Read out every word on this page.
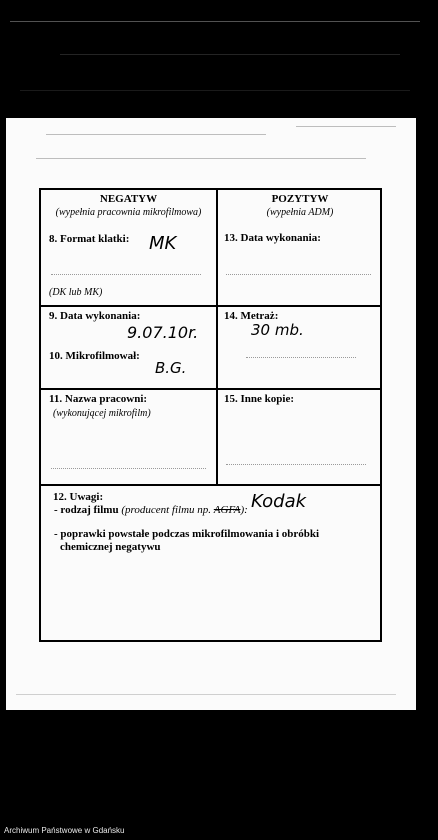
NEGATYW
(wypełnia pracownia mikrofilmowa)
POZYTYW
(wypełnia ADM)
8. Format klatki: MK
(DK lub MK)
13. Data wykonania:
9. Data wykonania:
9.07.10r.
10. Mikrofilmował:
B.G.
14. Metraż:
30 mb.
11. Nazwa pracowni:
(wykonującej mikrofilm)
15. Inne kopie:
12. Uwagi:
- rodzaj filmu (producent filmu np. AGFA): Kodak
- poprawki powstałe podczas mikrofilmowania i obróbki
chemicznej negatywu
Archiwum Państwowe w Gdańsku
